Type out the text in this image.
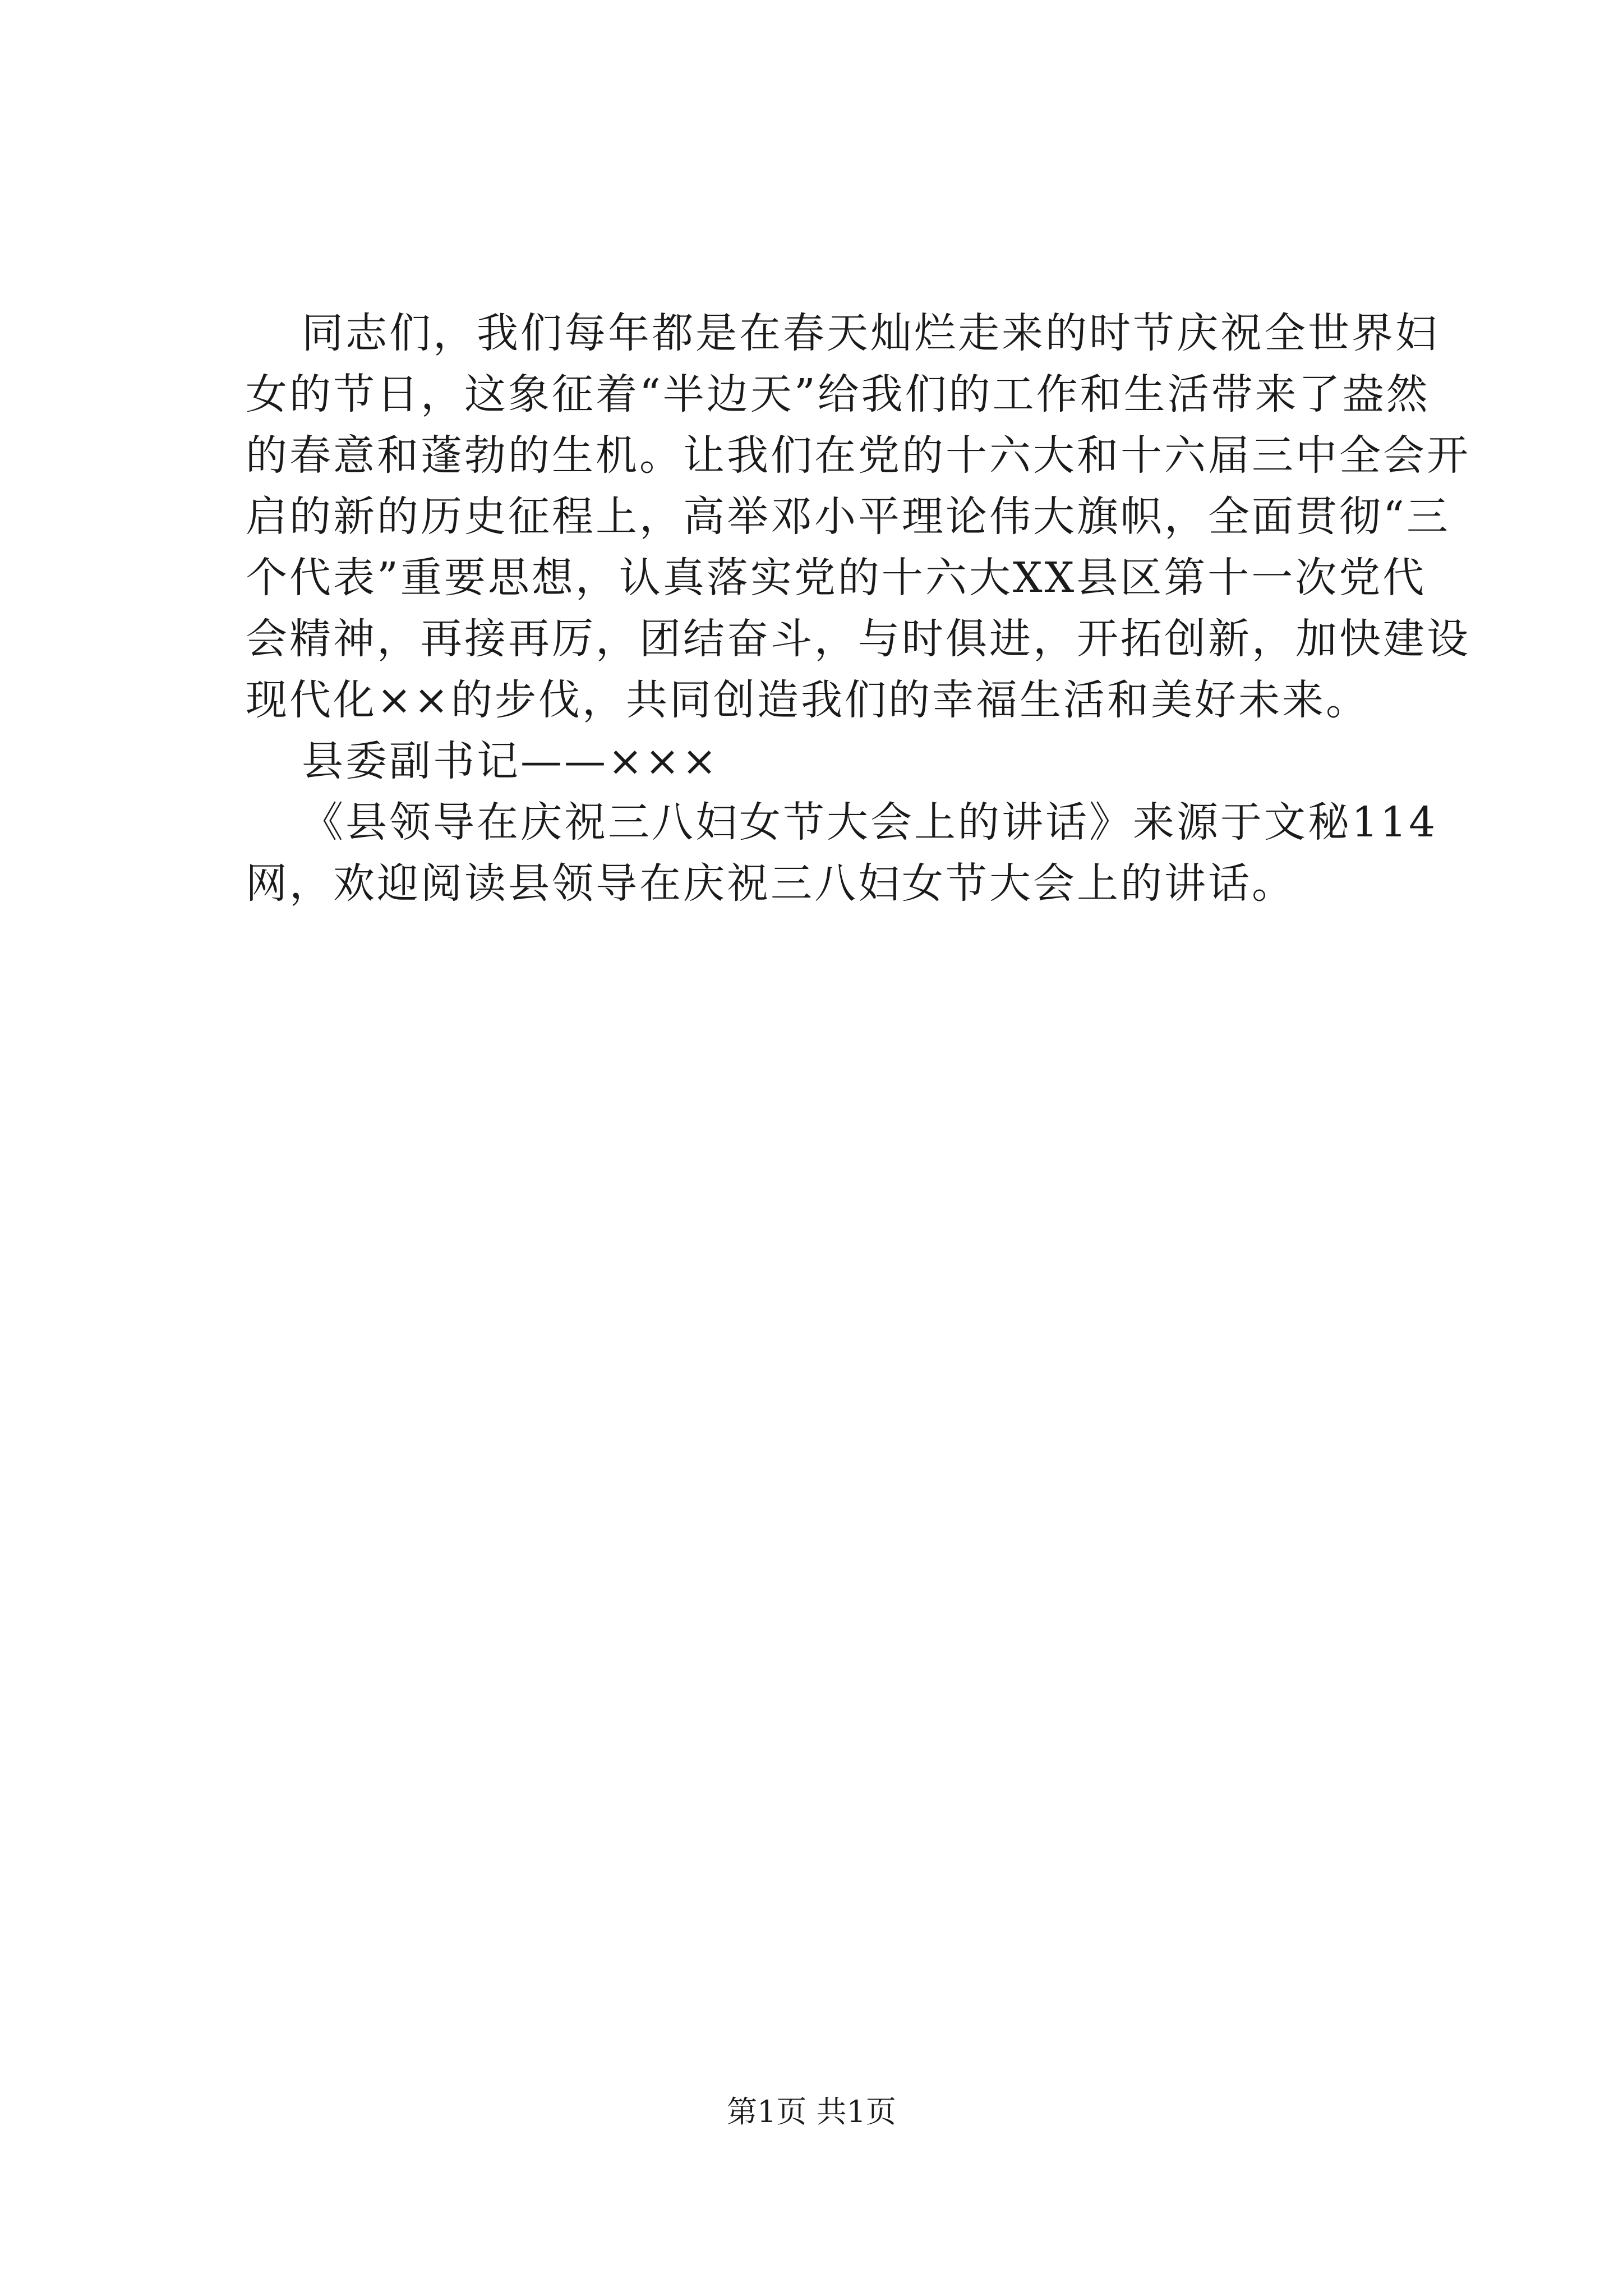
同志们，我们每年都是在春天灿烂走来的时节庆祝全世界妇
女的节日，这象征着“半边天”给我们的工作和生活带来了盎然
的春意和蓬勃的生机。让我们在党的十六大和十六届三中全会开
启的新的历史征程上，高举邓小平理论伟大旗帜，全面贯彻“三
个代表”重要思想，认真落实党的十六大XX县区第十一次党代
会精神，再接再厉，团结奋斗，与时俱进，开拓创新，加快建设
现代化××的步伐，共同创造我们的幸福生活和美好未来。

县委副书记——×××

《县领导在庆祝三八妇女节大会上的讲话》来源于文秘114
网，欢迎阅读县领导在庆祝三八妇女节大会上的讲话。

第1页 共1页
